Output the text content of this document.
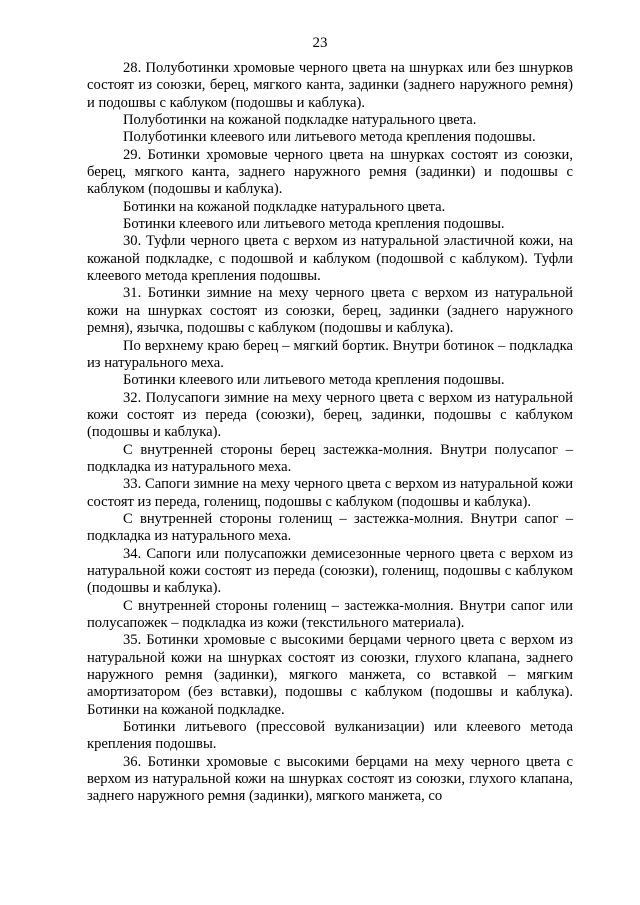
23

28. Полуботинки хромовые черного цвета на шнурках или без шнурков состоят из союзки, берец, мягкого канта, задинки (заднего наружного ремня) и подошвы с каблуком (подошвы и каблука).

Полуботинки на кожаной подкладке натурального цвета.

Полуботинки клеевого или литьевого метода крепления подошвы.

29. Ботинки хромовые черного цвета на шнурках состоят из союзки, берец, мягкого канта, заднего наружного ремня (задинки) и подошвы с каблуком (подошвы и каблука).

Ботинки на кожаной подкладке натурального цвета.

Ботинки клеевого или литьевого метода крепления подошвы.

30. Туфли черного цвета с верхом из натуральной эластичной кожи, на кожаной подкладке, с подошвой и каблуком (подошвой с каблуком). Туфли клеевого метода крепления подошвы.

31. Ботинки зимние на меху черного цвета с верхом из натуральной кожи на шнурках состоят из союзки, берец, задинки (заднего наружного ремня), язычка, подошвы с каблуком (подошвы и каблука).

По верхнему краю берец – мягкий бортик. Внутри ботинок – подкладка из натурального меха.

Ботинки клеевого или литьевого метода крепления подошвы.

32. Полусапоги зимние на меху черного цвета с верхом из натуральной кожи состоят из переда (союзки), берец, задинки, подошвы с каблуком (подошвы и каблука).

С внутренней стороны берец застежка-молния. Внутри полусапог – подкладка из натурального меха.

33. Сапоги зимние на меху черного цвета с верхом из натуральной кожи состоят из переда, голенищ, подошвы с каблуком (подошвы и каблука).

С внутренней стороны голенищ – застежка-молния. Внутри сапог – подкладка из натурального меха.

34. Сапоги или полусапожки демисезонные черного цвета с верхом из натуральной кожи состоят из переда (союзки), голенищ, подошвы с каблуком (подошвы и каблука).

С внутренней стороны голенищ – застежка-молния. Внутри сапог или полусапожек – подкладка из кожи (текстильного материала).

35. Ботинки хромовые с высокими берцами черного цвета с верхом из натуральной кожи на шнурках состоят из союзки, глухого клапана, заднего наружного ремня (задинки), мягкого манжета, со вставкой – мягким амортизатором (без вставки), подошвы с каблуком (подошвы и каблука). Ботинки на кожаной подкладке.

Ботинки литьевого (прессовой вулканизации) или клеевого метода крепления подошвы.

36. Ботинки хромовые с высокими берцами на меху черного цвета с верхом из натуральной кожи на шнурках состоят из союзки, глухого клапана, заднего наружного ремня (задинки), мягкого манжета, со
